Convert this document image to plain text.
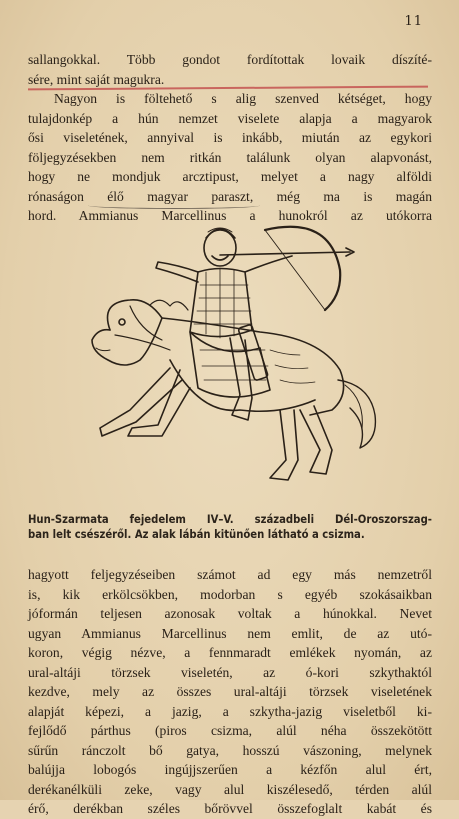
11
sallangokkal. Több gondot fordítottak lovaik díszíté-
sére, mint saját magukra.
Nagyon is föltehető s alig szenved kétséget, hogy
tulajdonkép a hún nemzet viselete alapja a magyarok
ősi viseletének, annyival is inkább, miután az egykori
följegyzésekben nem ritkán találunk olyan alapvonást,
hogy ne mondjuk arcztipust, melyet a nagy alföldi
rónaságon élő magyar paraszt, még ma is magán
hord. Ammianus Marcellinus a hunokról az utókorra
Hun-Szarmata fejedelem IV–V. századbeli Dél-Oroszorszag-
ban lelt csészéről. Az alak lábán kitünően látható a csizma.
hagyott feljegyzéseiben számot ad egy más nemzetről
is, kik erkölcsökben, modorban s egyéb szokásaikban
jóformán teljesen azonosak voltak a húnokkal. Nevet
ugyan Ammianus Marcellinus nem emlit, de az utó-
koron, végig nézve, a fennmaradt emlékek nyomán, az
ural-altáji törzsek viseletén, az ó-kori szkythaktól
kezdve, mely az összes ural-altáji törzsek viseletének
alapját képezi, a jazig, a szkytha-jazig viseletből ki-
fejlődő párthus (piros csizma, alúl néha összekötött
sűrűn ránczolt bő gatya, hosszú vászoning, melynek
balújja lobogós ingújjszerűen a kézfőn alul ért,
derékanélküli zeke, vagy alul kiszélesedő, térden alúl
érő, derékban széles bőrövvel összefoglalt kabát és
